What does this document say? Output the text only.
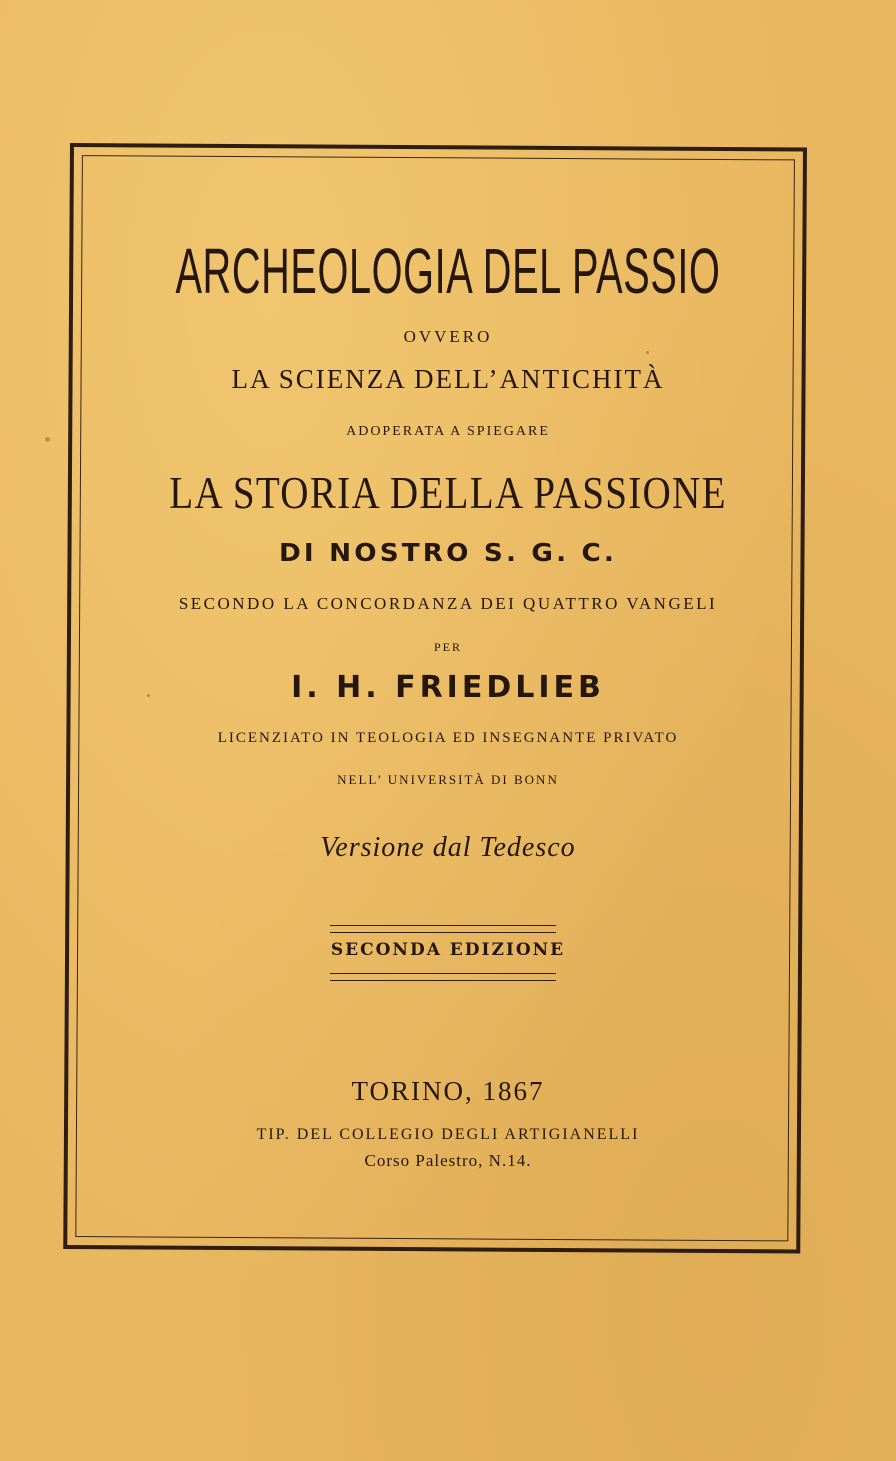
ARCHEOLOGIA DEL PASSIO
OVVERO
LA SCIENZA DELL’ANTICHITÀ
ADOPERATA A SPIEGARE
LA STORIA DELLA PASSIONE
DI NOSTRO S. G. C.
SECONDO LA CONCORDANZA DEI QUATTRO VANGELI
PER
I. H. FRIEDLIEB
LICENZIATO IN TEOLOGIA ED INSEGNANTE PRIVATO
NELL’ UNIVERSITÀ DI BONN
Versione dal Tedesco
SECONDA EDIZIONE
TORINO, 1867
TIP. DEL COLLEGIO DEGLI ARTIGIANELLI
Corso Palestro, N.14.
